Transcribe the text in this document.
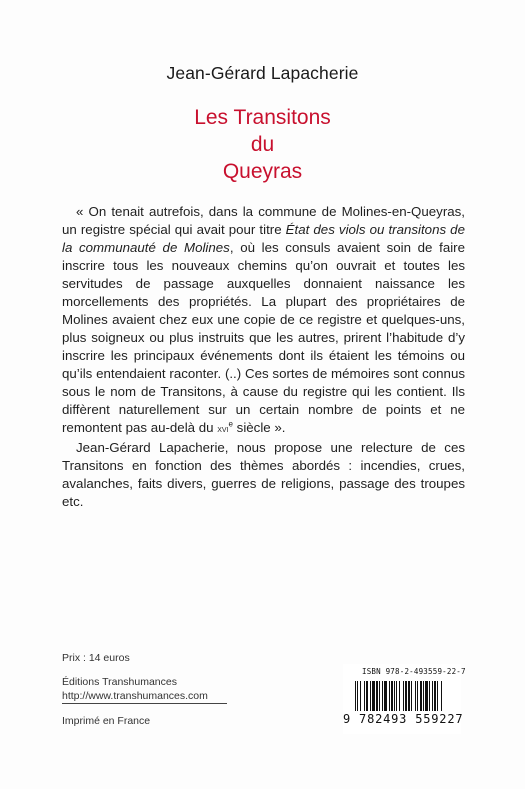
Jean-Gérard Lapacherie
Les Transitons
du
Queyras

« On tenait autrefois, dans la commune de Molines-en-Queyras, un registre spécial qui avait pour titre État des viols ou transitons de la communauté de Molines, où les consuls avaient soin de faire inscrire tous les nouveaux chemins qu’on ouvrait et toutes les servitudes de passage auxquelles donnaient naissance les morcellements des propriétés. La plupart des propriétaires de Molines avaient chez eux une copie de ce registre et quelques-uns, plus soigneux ou plus instruits que les autres, prirent l’habitude d’y inscrire les principaux événements dont ils étaient les témoins ou qu’ils entendaient raconter. (..) Ces sortes de mémoires sont connus sous le nom de Transitons, à cause du registre qui les contient. Ils diffèrent naturellement sur un certain nombre de points et ne remontent pas au-delà du xvi$^e$ siècle ».

Jean-Gérard Lapacherie, nous propose une relecture de ces Transitons en fonction des thèmes abordés : incendies, crues, avalanches, faits divers, guerres de religions, passage des troupes etc.

Prix : 14 euros
Éditions Transhumances
http://www.transhumances.com
Imprimé en France
ISBN 978-2-493559-22-7
9 782493 559227
